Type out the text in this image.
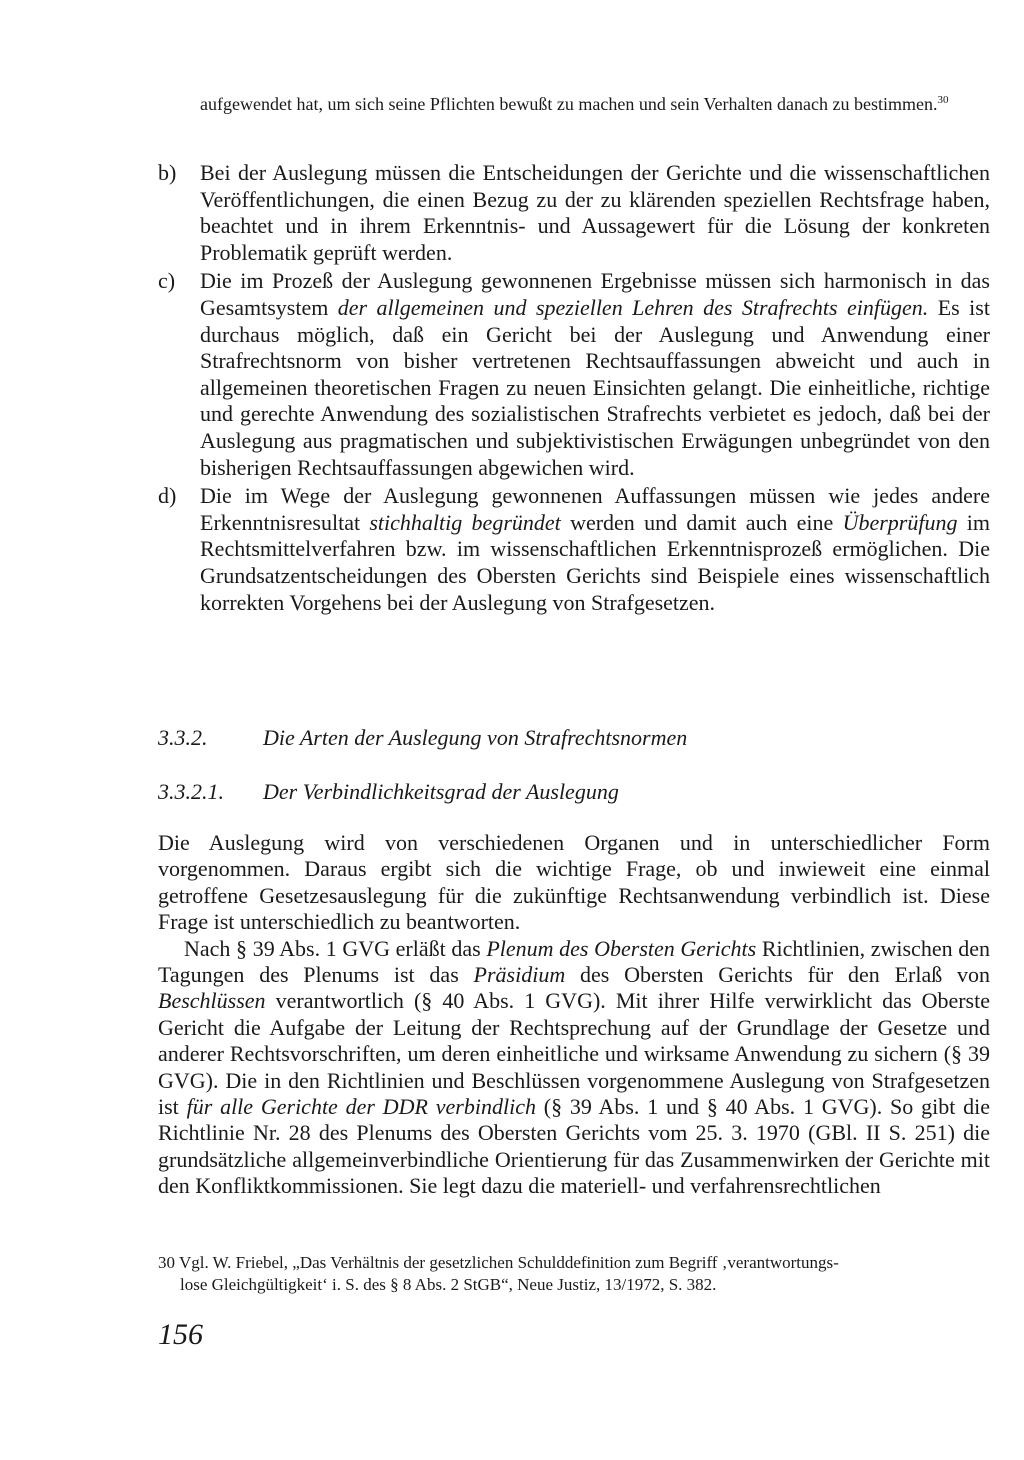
aufgewendet hat, um sich seine Pflichten bewußt zu machen und sein Verhalten danach zu bestimmen.$^{30}$
b) Bei der Auslegung müssen die Entscheidungen der Gerichte und die wissenschaftlichen Veröffentlichungen, die einen Bezug zu der zu klärenden speziellen Rechtsfrage haben, beachtet und in ihrem Erkenntnis- und Aussagewert für die Lösung der konkreten Problematik geprüft werden.
c) Die im Prozeß der Auslegung gewonnenen Ergebnisse müssen sich harmonisch in das Gesamtsystem der allgemeinen und speziellen Lehren des Strafrechts einfügen. Es ist durchaus möglich, daß ein Gericht bei der Auslegung und Anwendung einer Strafrechtsnorm von bisher vertretenen Rechtsauffassungen abweicht und auch in allgemeinen theoretischen Fragen zu neuen Einsichten gelangt. Die einheitliche, richtige und gerechte Anwendung des sozialistischen Strafrechts verbietet es jedoch, daß bei der Auslegung aus pragmatischen und subjektivistischen Erwägungen unbegründet von den bisherigen Rechtsauffassungen abgewichen wird.
d) Die im Wege der Auslegung gewonnenen Auffassungen müssen wie jedes andere Erkenntnisresultat stichhaltig begründet werden und damit auch eine Überprüfung im Rechtsmittelverfahren bzw. im wissenschaftlichen Erkenntnisprozeß ermöglichen. Die Grundsatzentscheidungen des Obersten Gerichts sind Beispiele eines wissenschaftlich korrekten Vorgehens bei der Auslegung von Strafgesetzen.
3.3.2.	Die Arten der Auslegung von Strafrechtsnormen
3.3.2.1. Der Verbindlichkeitsgrad der Auslegung

Die Auslegung wird von verschiedenen Organen und in unterschiedlicher Form vorgenommen. Daraus ergibt sich die wichtige Frage, ob und inwieweit eine einmal getroffene Gesetzesauslegung für die zukünftige Rechtsanwendung verbindlich ist. Diese Frage ist unterschiedlich zu beantworten.

Nach § 39 Abs. 1 GVG erläßt das Plenum des Obersten Gerichts Richtlinien, zwischen den Tagungen des Plenums ist das Präsidium des Obersten Gerichts für den Erlaß von Beschlüssen verantwortlich (§ 40 Abs. 1 GVG). Mit ihrer Hilfe verwirklicht das Oberste Gericht die Aufgabe der Leitung der Rechtsprechung auf der Grundlage der Gesetze und anderer Rechtsvorschriften, um deren einheitliche und wirksame Anwendung zu sichern (§ 39 GVG). Die in den Richtlinien und Beschlüssen vorgenommene Auslegung von Strafgesetzen ist für alle Gerichte der DDR verbindlich (§ 39 Abs. 1 und § 40 Abs. 1 GVG). So gibt die Richtlinie Nr. 28 des Plenums des Obersten Gerichts vom 25. 3. 1970 (GBl. II S. 251) die grundsätzliche allgemeinverbindliche Orientierung für das Zusammenwirken der Gerichte mit den Konfliktkommissionen. Sie legt dazu die materiell- und verfahrensrechtlichen

30 Vgl. W. Friebel, „Das Verhältnis der gesetzlichen Schulddefinition zum Begriff ‚verantwortungs-
lose Gleichgültigkeit‘ i. S. des § 8 Abs. 2 StGB“, Neue Justiz, 13/1972, S. 382.
156
